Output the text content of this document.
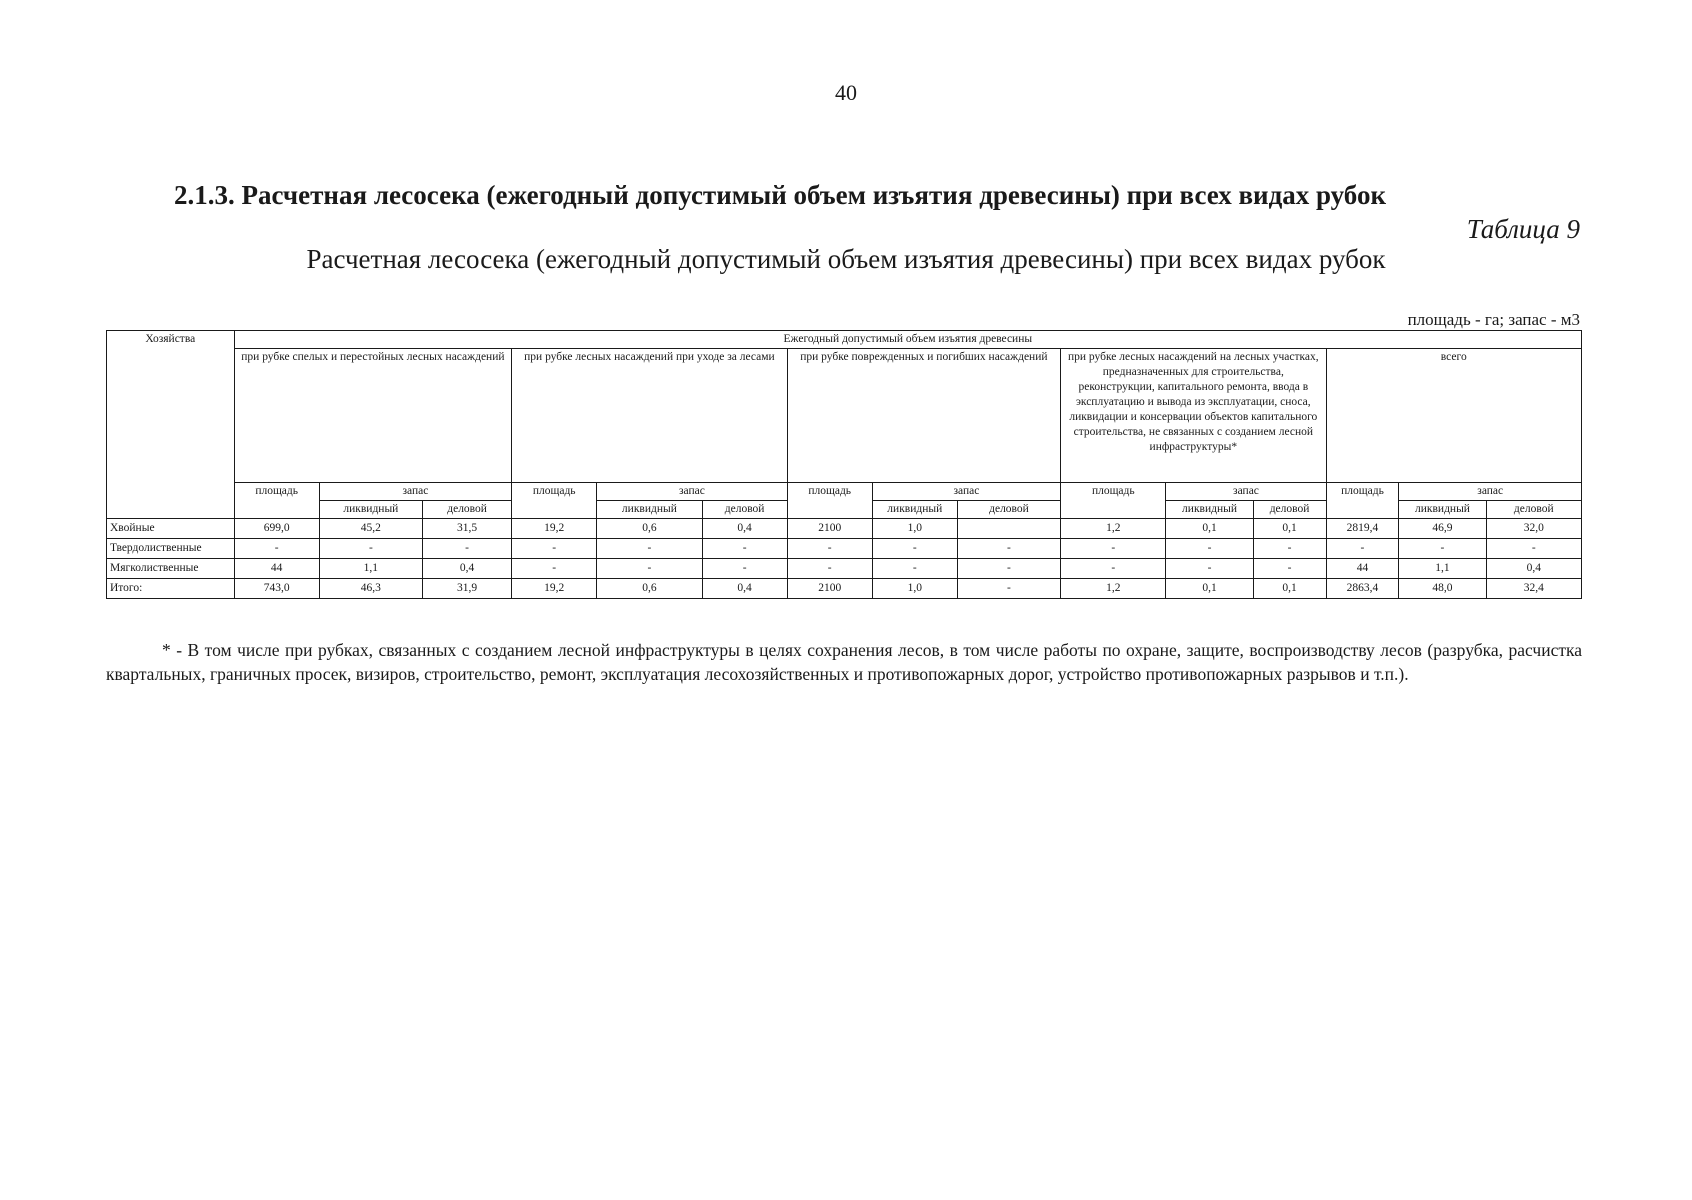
40
2.1.3. Расчетная лесосека (ежегодный допустимый объем изъятия древесины) при всех видах рубок
Таблица 9
Расчетная лесосека (ежегодный допустимый объем изъятия древесины) при всех видах рубок
площадь - га; запас - м3
Хозяйства	Ежегодный допустимый объем изъятия древесины														
	при рубке спелых и перестойных лесных насаждений			при рубке лесных насаждений при уходе за лесами			при рубке поврежденных и погибших насаждений			при рубке лесных насаждений на лесных участках, предназначенных для строительства, реконструкции, капитального ремонта, ввода в эксплуатацию и вывода из эксплуатации, сноса, ликвидации и консервации объектов капитального строительства, не связанных с созданием лесной инфраструктуры*			всего		
	площадь	запас		площадь	запас		площадь	запас		площадь	запас		площадь	запас	
		ликвидный	деловой		ликвидный	деловой		ликвидный	деловой		ликвидный	деловой		ликвидный	деловой
Хвойные	699,0	45,2	31,5	19,2	0,6	0,4	2100	1,0		1,2	0,1	0,1	2819,4	46,9	32,0
Твердолиственные	-	-	-	-	-	-	-	-	-	-	-	-	-	-	-
Мягколиственные	44	1,1	0,4	-	-	-	-	-	-	-	-	-	44	1,1	0,4
Итого:	743,0	46,3	31,9	19,2	0,6	0,4	2100	1,0	-	1,2	0,1	0,1	2863,4	48,0	32,4
* - В том числе при рубках, связанных с созданием лесной инфраструктуры в целях сохранения лесов, в том числе работы по охране, защите, воспроизводству лесов (разрубка, расчистка квартальных, граничных просек, визиров, строительство, ремонт, эксплуатация лесохозяйственных и противопожарных дорог, устройство противопожарных разрывов и т.п.).
